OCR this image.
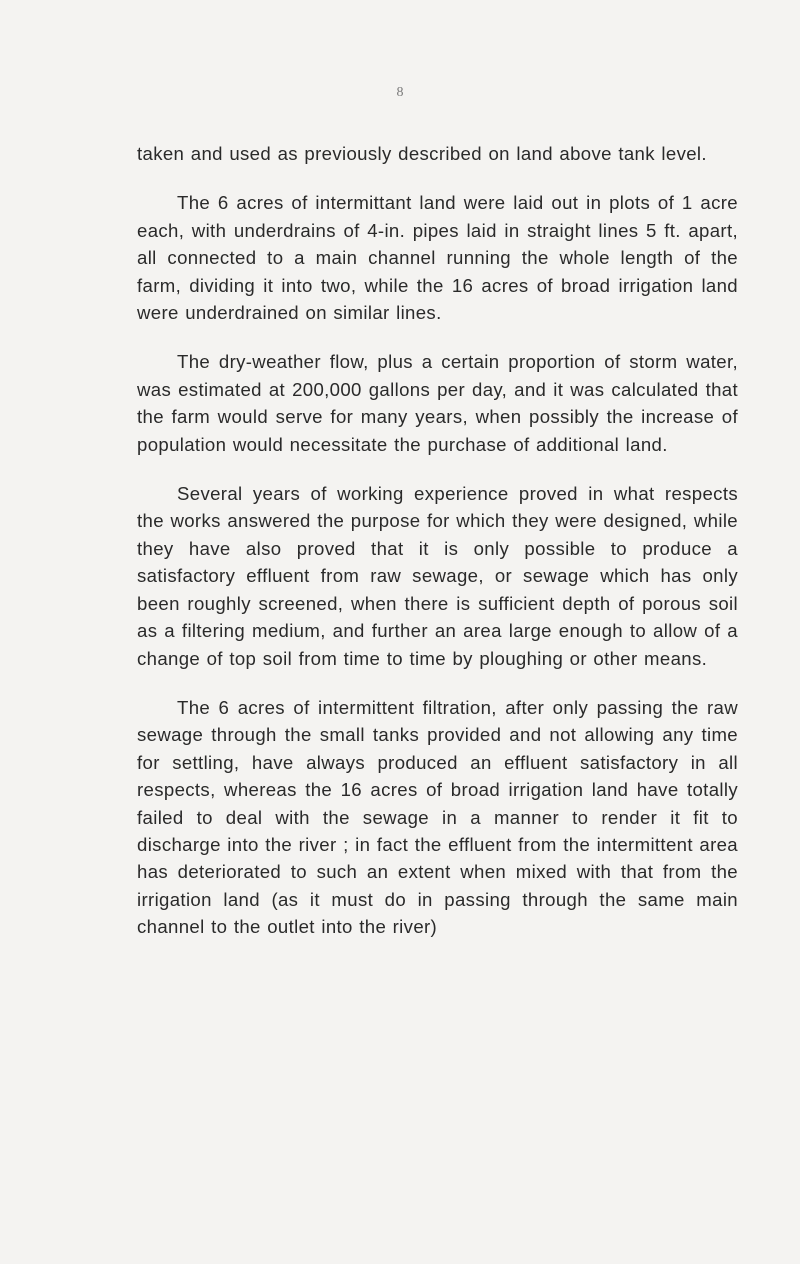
8

taken and used as previously described on land above tank level.

The 6 acres of intermittant land were laid out in plots of 1 acre each, with underdrains of 4-in. pipes laid in straight lines 5 ft. apart, all connected to a main channel running the whole length of the farm, dividing it into two, while the 16 acres of broad irrigation land were underdrained on similar lines.

The dry-weather flow, plus a certain proportion of storm water, was estimated at 200,000 gallons per day, and it was calculated that the farm would serve for many years, when possibly the increase of population would necessitate the purchase of additional land.

Several years of working experience proved in what respects the works answered the purpose for which they were designed, while they have also proved that it is only possible to produce a satisfactory effluent from raw sewage, or sewage which has only been roughly screened, when there is sufficient depth of porous soil as a filtering medium, and further an area large enough to allow of a change of top soil from time to time by ploughing or other means.

The 6 acres of intermittent filtration, after only passing the raw sewage through the small tanks provided and not allowing any time for settling, have always produced an effluent satisfactory in all respects, whereas the 16 acres of broad irrigation land have totally failed to deal with the sewage in a manner to render it fit to discharge into the river ; in fact the effluent from the intermittent area has deteriorated to such an extent when mixed with that from the irrigation land (as it must do in passing through the same main channel to the outlet into the river)
